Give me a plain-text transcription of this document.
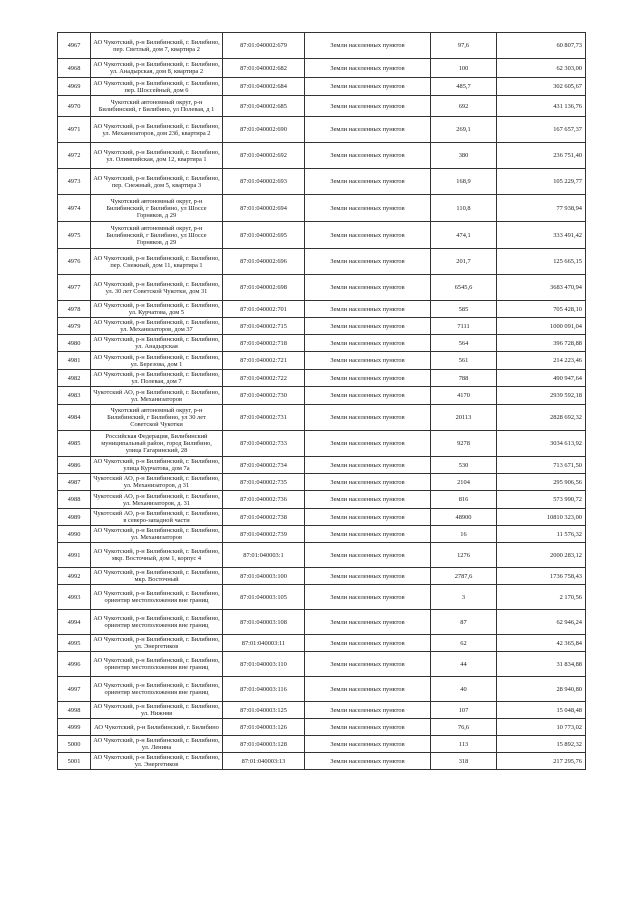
4967	АО Чукотский, р-н Билибинский, г. Билибино, пер. Светлый, дом 7, квартира 2	87:01:040002:679	Земли населенных пунктов	97,6	60 807,73
4968	АО Чукотский, р-н Билибинский, г. Билибино, ул. Анадырская, дом 8, квартира 2	87:01:040002:682	Земли населенных пунктов	100	62 303,00
4969	АО Чукотский, р-н Билибинский, г. Билибино, пер. Шоссейный, дом 6	87:01:040002:684	Земли населенных пунктов	485,7	302 605,67
4970	Чукотский автономный округ, р-н Билибинский, г Билибино, ул Полевая, д 1	87:01:040002:685	Земли населенных пунктов	692	431 136,76
4971	АО Чукотский, р-н Билибинский, г. Билибино, ул. Механизаторов, дом 23б, квартира 2	87:01:040002:690	Земли населенных пунктов	269,1	167 657,37
4972	АО Чукотский, р-н Билибинский, г. Билибино, ул. Олимпийская, дом 12, квартира 1	87:01:040002:692	Земли населенных пунктов	380	236 751,40
4973	АО Чукотский, р-н Билибинский, г. Билибино, пер. Снежный, дом 5, квартира 3	87:01:040002:693	Земли населенных пунктов	168,9	105 229,77
4974	Чукотский автономный округ, р-н Билибинский, г Билибино, ул Шоссе Горняков, д 29	87:01:040002:694	Земли населенных пунктов	110,8	77 938,94
4975	Чукотский автономный округ, р-н Билибинский, г Билибино, ул Шоссе Горняков, д 29	87:01:040002:695	Земли населенных пунктов	474,1	333 491,42
4976	АО Чукотский, р-н Билибинский, г. Билибино, пер. Снежный, дом 11, квартира 1	87:01:040002:696	Земли населенных пунктов	201,7	125 665,15
4977	АО Чукотский, р-н Билибинский, г. Билибино, ул. 30 лет Советской Чукотки, дом 31	87:01:040002:698	Земли населенных пунктов	6545,6	3683 470,94
4978	АО Чукотский, р-н Билибинский, г. Билибино, ул. Курчатова, дом 5	87:01:040002:701	Земли населенных пунктов	585	705 428,10
4979	АО Чукотский, р-н Билибинский, г. Билибино, ул. Механизаторов, дом 37	87:01:040002:715	Земли населенных пунктов	7111	1000 091,04
4980	АО Чукотский, р-н Билибинский, г. Билибино, ул. Анадырская	87:01:040002:718	Земли населенных пунктов	564	396 728,88
4981	АО Чукотский, р-н Билибинский, г. Билибино, ул. Березова, дом 1	87:01:040002:721	Земли населенных пунктов	561	214 223,46
4982	АО Чукотский, р-н Билибинский, г. Билибино, ул. Полевая, дом 7	87:01:040002:722	Земли населенных пунктов	788	490 947,64
4983	Чукотский АО, р-н Билибинский, г. Билибино, ул. Механизаторов	87:01:040002:730	Земли населенных пунктов	4170	2939 592,18
4984	Чукотский автономный округ, р-н Билибинский, г Билибино, ул 30 лет Советской Чукотки	87:01:040002:731	Земли населенных пунктов	20113	2828 692,32
4985	Российская Федерация, Билибинский муниципальный район, город Билибино, улица Гагаринский, 28	87:01:040002:733	Земли населенных пунктов	9278	3034 613,92
4986	АО Чукотский, р-н Билибинский, г. Билибино, улица Курчатова, дом 7а	87:01:040002:734	Земли населенных пунктов	530	713 671,50
4987	Чукотский АО, р-н Билибинский, г. Билибино, ул. Механизаторов, д 31	87:01:040002:735	Земли населенных пунктов	2104	295 906,56
4988	Чукотский АО, р-н Билибинский, г. Билибино, ул. Механизаторов, д. 31	87:01:040002:736	Земли населенных пунктов	816	573 990,72
4989	Чукотский АО, р-н Билибинский, г. Билибино, в северо-западной части	87:01:040002:738	Земли населенных пунктов	48900	10810 323,00
4990	АО Чукотский, р-н Билибинский, г. Билибино, ул. Механизаторов	87:01:040002:739	Земли населенных пунктов	16	11 576,32
4991	АО Чукотский, р-н Билибинский, г. Билибино, мкр. Восточный, дом 1, корпус 4	87:01:040003:1	Земли населенных пунктов	1276	2000 283,12
4992	АО Чукотский, р-н Билибинский, г. Билибино, мкр. Восточный	87:01:040003:100	Земли населенных пунктов	2787,6	1736 758,43
4993	АО Чукотский, р-н Билибинский, г. Билибино, ориентир местоположения вне границ	87:01:040003:105	Земли населенных пунктов	3	2 170,56
4994	АО Чукотский, р-н Билибинский, г. Билибино, ориентир местоположения вне границ	87:01:040003:108	Земли населенных пунктов	87	62 946,24
4995	АО Чукотский, р-н Билибинский, г. Билибино, ул. Энергетиков	87:01:040003:11	Земли населенных пунктов	62	42 365,84
4996	АО Чукотский, р-н Билибинский, г. Билибино, ориентир местоположения вне границ	87:01:040003:110	Земли населенных пунктов	44	31 834,88
4997	АО Чукотский, р-н Билибинский, г. Билибино, ориентир местоположения вне границ	87:01:040003:116	Земли населенных пунктов	40	28 940,80
4998	АО Чукотский, р-н Билибинский, г. Билибино, ул. Нижняя	87:01:040003:125	Земли населенных пунктов	107	15 048,48
4999	АО Чукотский, р-н Билибинский, г. Билибино	87:01:040003:126	Земли населенных пунктов	76,6	10 773,02
5000	АО Чукотский, р-н Билибинский, г. Билибино, ул. Ленина	87:01:040003:128	Земли населенных пунктов	113	15 892,32
5001	АО Чукотский, р-н Билибинский, г. Билибино, ул. Энергетиков	87:01:040003:13	Земли населенных пунктов	318	217 295,76
